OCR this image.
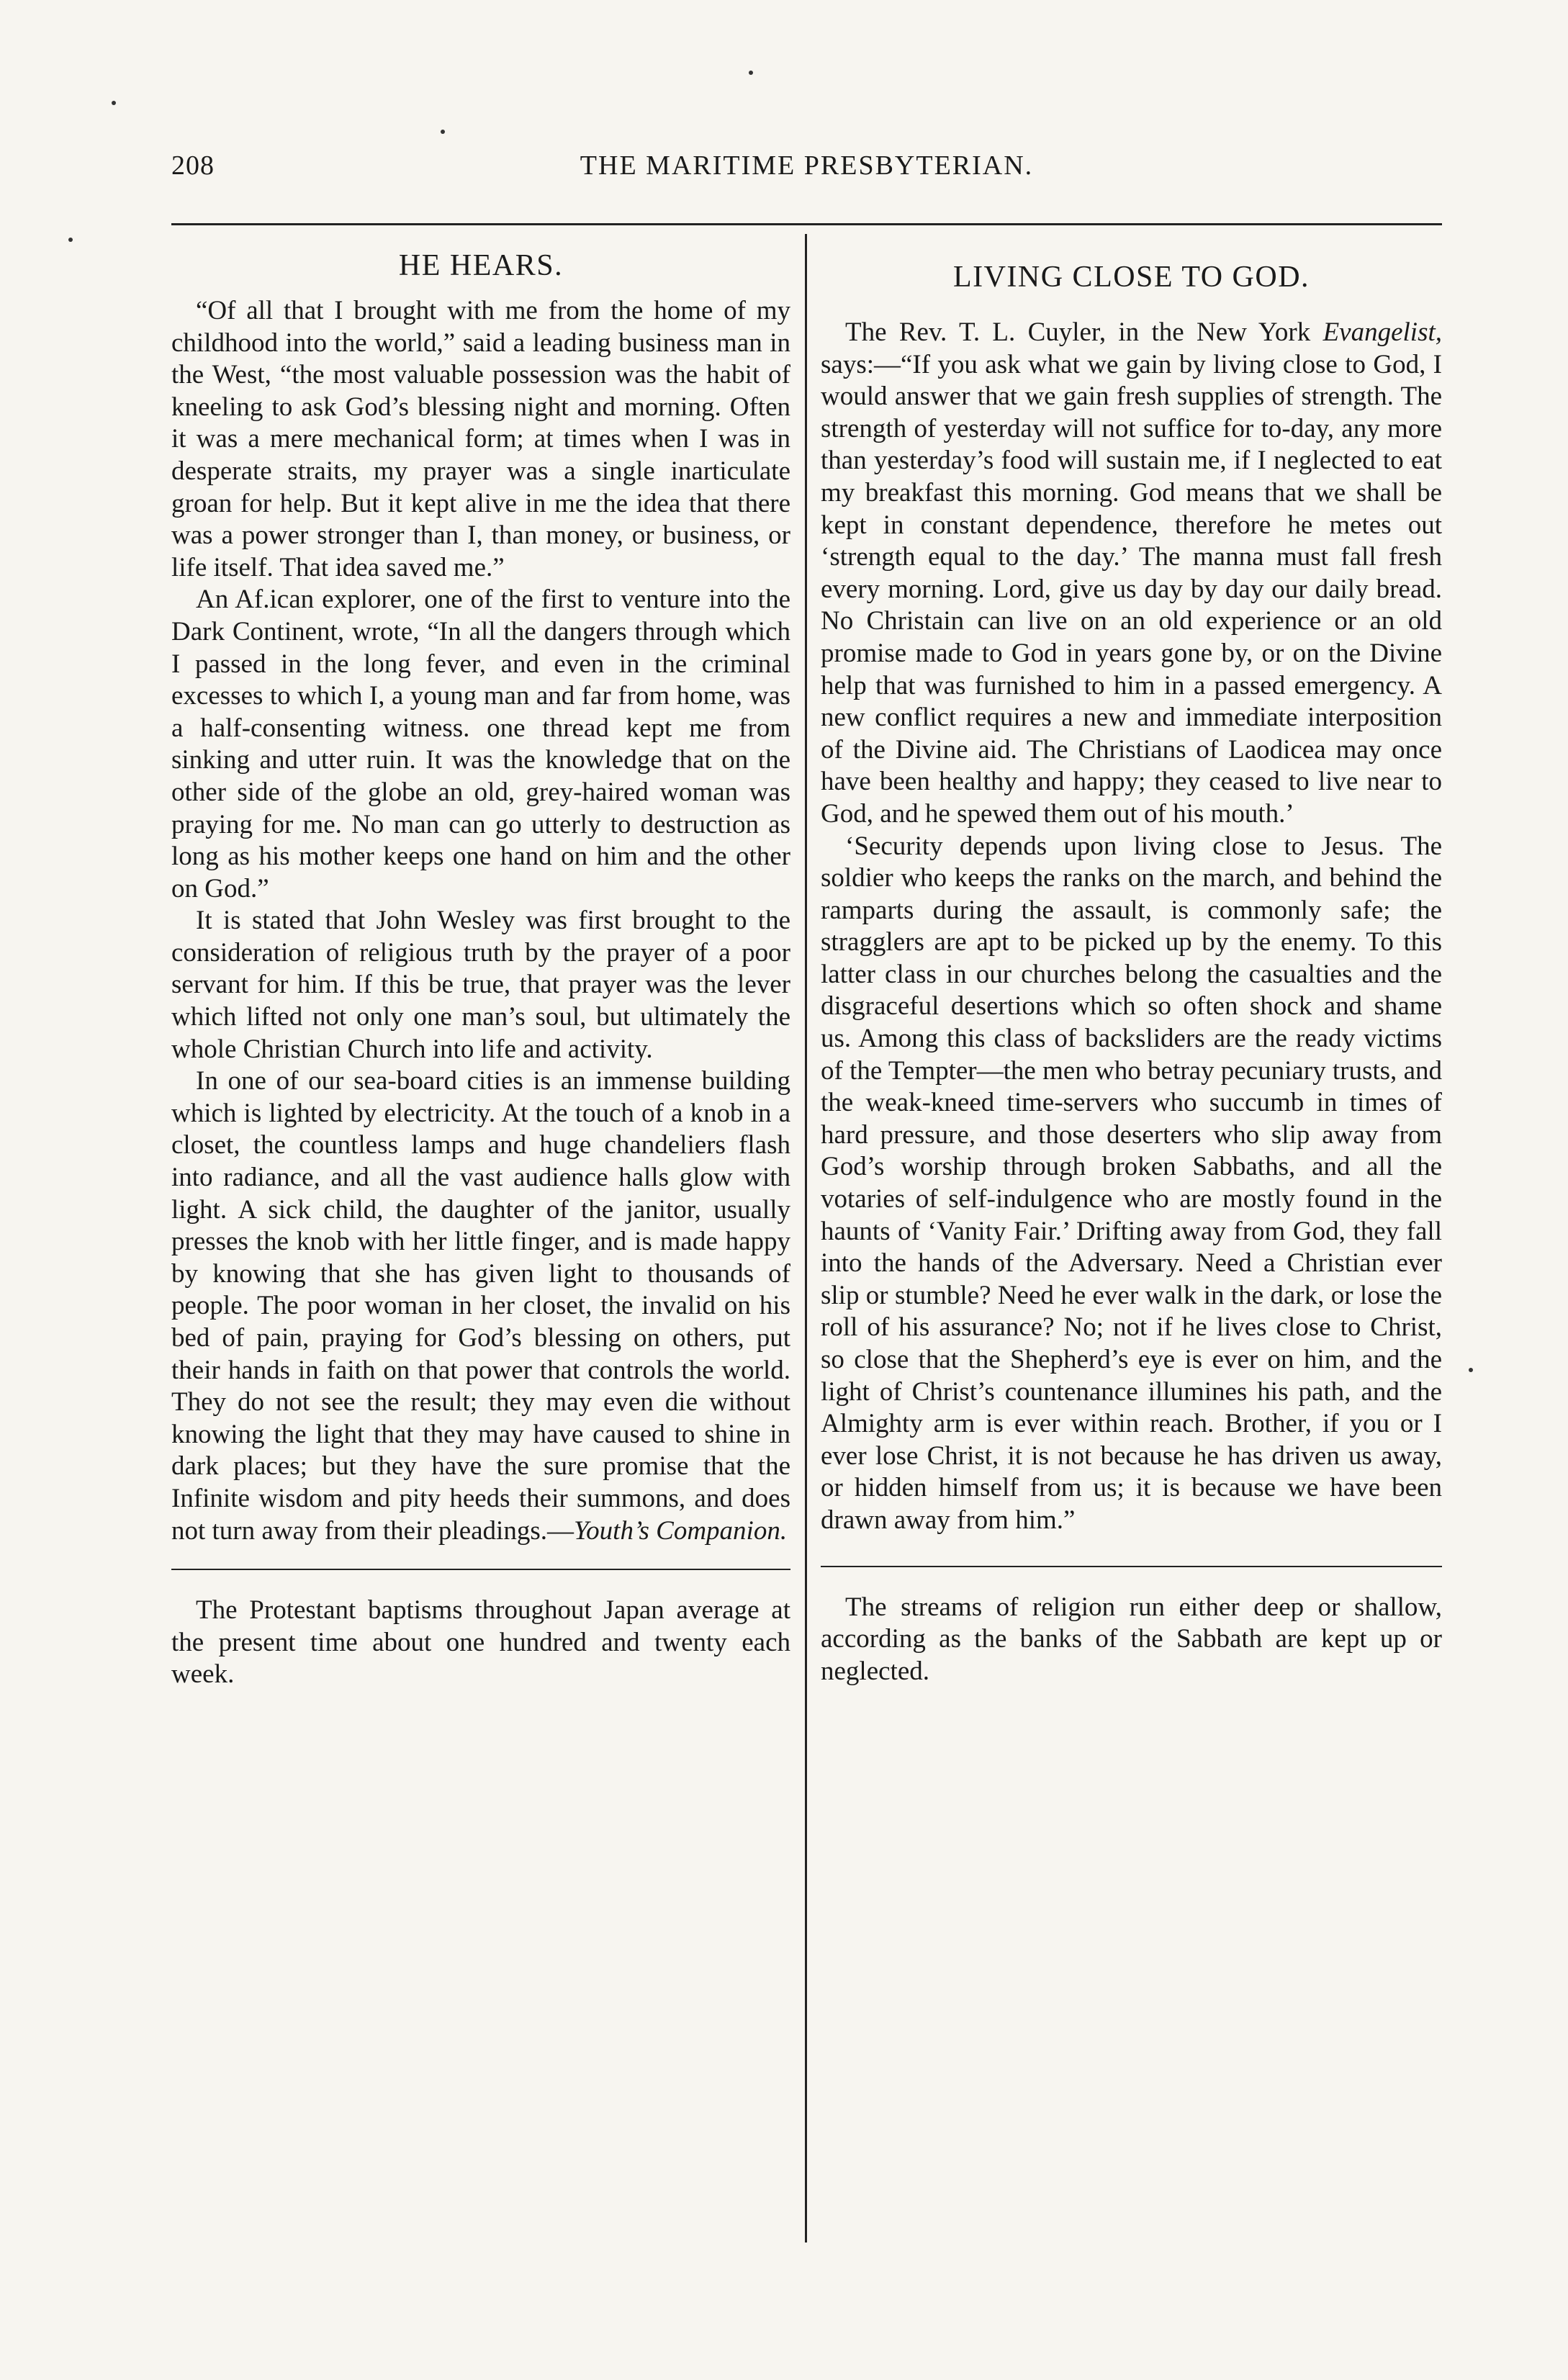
208	THE MARITIME PRESBYTERIAN.
HE HEARS.

“Of all that I brought with me from the home of my childhood into the world,” said a leading business man in the West, “the most valuable possession was the habit of kneeling to ask God’s blessing night and morning. Often it was a mere mechanical form; at times when I was in desperate straits, my prayer was a single inarticulate groan for help. But it kept alive in me the idea that there was a power stronger than I, than money, or business, or life itself. That idea saved me.”

An Af.ican explorer, one of the first to venture into the Dark Continent, wrote, “In all the dangers through which I passed in the long fever, and even in the criminal excesses to which I, a young man and far from home, was a half-consenting witness. one thread kept me from sinking and utter ruin. It was the knowledge that on the other side of the globe an old, grey-haired woman was praying for me. No man can go utterly to destruction as long as his mother keeps one hand on him and the other on God.”

It is stated that John Wesley was first brought to the consideration of religious truth by the prayer of a poor servant for him. If this be true, that prayer was the lever which lifted not only one man’s soul, but ultimately the whole Christian Church into life and activity.

In one of our sea-board cities is an immense building which is lighted by electricity. At the touch of a knob in a closet, the countless lamps and huge chandeliers flash into radiance, and all the vast audience halls glow with light. A sick child, the daughter of the janitor, usually presses the knob with her little finger, and is made happy by knowing that she has given light to thousands of people. The poor woman in her closet, the invalid on his bed of pain, praying for God’s blessing on others, put their hands in faith on that power that controls the world. They do not see the result; they may even die without knowing the light that they may have caused to shine in dark places; but they have the sure promise that the Infinite wisdom and pity heeds their summons, and does not turn away from their pleadings.—Youth’s Companion.

The Protestant baptisms throughout Japan average at the present time about one hundred and twenty each week.

LIVING CLOSE TO GOD.

The Rev. T. L. Cuyler, in the New York Evangelist, says:—“If you ask what we gain by living close to God, I would answer that we gain fresh supplies of strength. The strength of yesterday will not suffice for to-day, any more than yesterday’s food will sustain me, if I neglected to eat my breakfast this morning. God means that we shall be kept in constant dependence, therefore he metes out ‘strength equal to the day.’ The manna must fall fresh every morning. Lord, give us day by day our daily bread. No Christain can live on an old experience or an old promise made to God in years gone by, or on the Divine help that was furnished to him in a passed emergency. A new conflict requires a new and immediate interposition of the Divine aid. The Christians of Laodicea may once have been healthy and happy; they ceased to live near to God, and he spewed them out of his mouth.’

‘Security depends upon living close to Jesus. The soldier who keeps the ranks on the march, and behind the ramparts during the assault, is commonly safe; the stragglers are apt to be picked up by the enemy. To this latter class in our churches belong the casualties and the disgraceful desertions which so often shock and shame us. Among this class of backsliders are the ready victims of the Tempter—the men who betray pecuniary trusts, and the weak-kneed time-servers who succumb in times of hard pressure, and those deserters who slip away from God’s worship through broken Sabbaths, and all the votaries of self-indulgence who are mostly found in the haunts of ‘Vanity Fair.’ Drifting away from God, they fall into the hands of the Adversary. Need a Christian ever slip or stumble? Need he ever walk in the dark, or lose the roll of his assurance? No; not if he lives close to Christ, so close that the Shepherd’s eye is ever on him, and the light of Christ’s countenance illumines his path, and the Almighty arm is ever within reach. Brother, if you or I ever lose Christ, it is not because he has driven us away, or hidden himself from us; it is because we have been drawn away from him.”

The streams of religion run either deep or shallow, according as the banks of the Sabbath are kept up or neglected.
